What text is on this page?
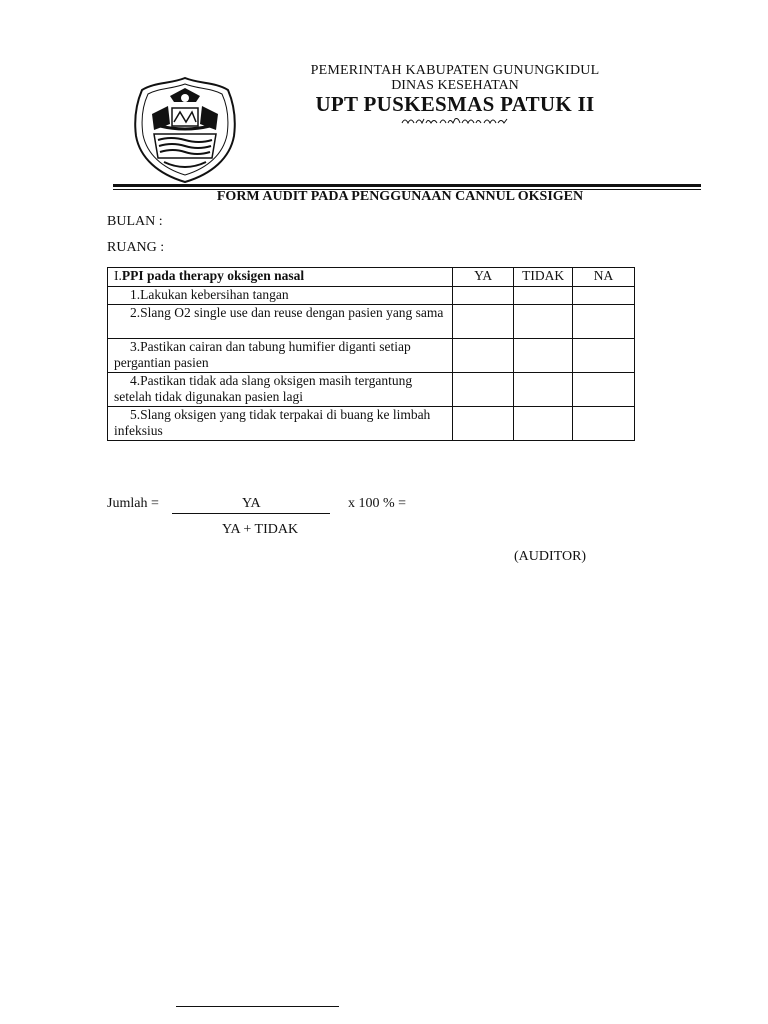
PEMERINTAH KABUPATEN GUNUNGKIDUL
DINAS KESEHATAN
UPT PUSKESMAS PATUK II
FORM AUDIT PADA PENGGUNAAN CANNUL OKSIGEN
BULAN :
RUANG :
I.PPI pada therapy oksigen nasal	YA	TIDAK	NA
1.Lakukan kebersihan tangan			
2.Slang O2 single use dan reuse dengan pasien yang sama			
3.Pastikan cairan dan tabung humifier diganti setiap pergantian pasien			
4.Pastikan tidak ada slang oksigen masih tergantung setelah tidak digunakan pasien lagi			
5.Slang oksigen yang tidak terpakai di buang ke limbah infeksius			
Jumlah =	YA	x 100 % =
YA + TIDAK
(AUDITOR)
